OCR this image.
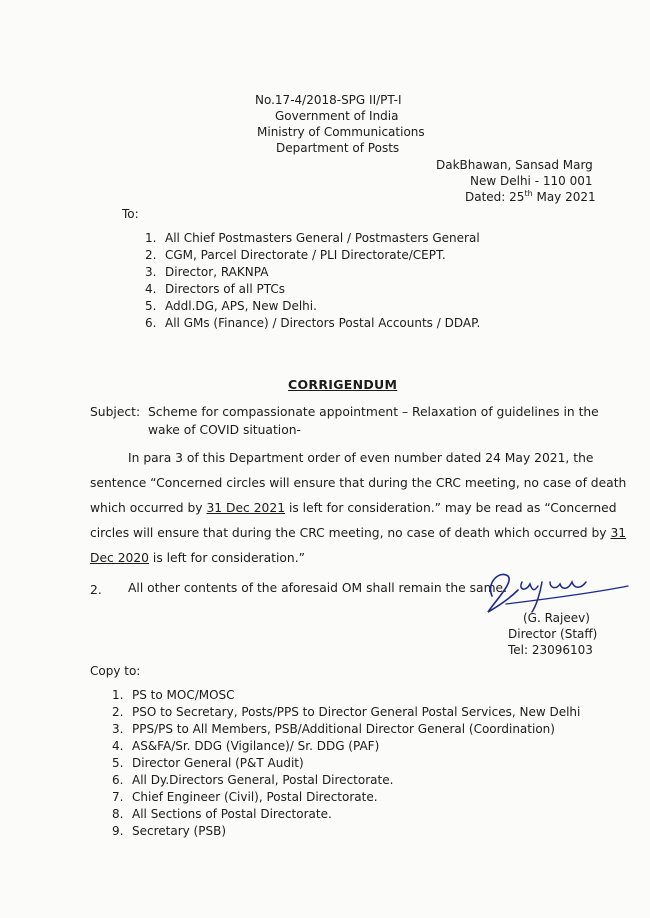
No.17-4/2018-SPG II/PT-I
Government of India
Ministry of Communications
Department of Posts
DakBhawan, Sansad Marg
New Delhi - 110 001
Dated: 25th May 2021
To:
1. All Chief Postmasters General / Postmasters General
2. CGM, Parcel Directorate / PLI Directorate/CEPT.
3. Director, RAKNPA
4. Directors of all PTCs
5. Addl.DG, APS, New Delhi.
6. All GMs (Finance) / Directors Postal Accounts / DDAP.
CORRIGENDUM
Subject: Scheme for compassionate appointment – Relaxation of guidelines in the
wake of COVID situation-
In para 3 of this Department order of even number dated 24 May 2021, the
sentence “Concerned circles will ensure that during the CRC meeting, no case of death
which occurred by 31 Dec 2021 is left for consideration.” may be read as “Concerned
circles will ensure that during the CRC meeting, no case of death which occurred by 31
Dec 2020 is left for consideration.”
2. All other contents of the aforesaid OM shall remain the same.
(G. Rajeev)
Director (Staff)
Tel: 23096103
Copy to:
1. PS to MOC/MOSC
2. PSO to Secretary, Posts/PPS to Director General Postal Services, New Delhi
3. PPS/PS to All Members, PSB/Additional Director General (Coordination)
4. AS&FA/Sr. DDG (Vigilance)/ Sr. DDG (PAF)
5. Director General (P&T Audit)
6. All Dy.Directors General, Postal Directorate.
7. Chief Engineer (Civil), Postal Directorate.
8. All Sections of Postal Directorate.
9. Secretary (PSB)
